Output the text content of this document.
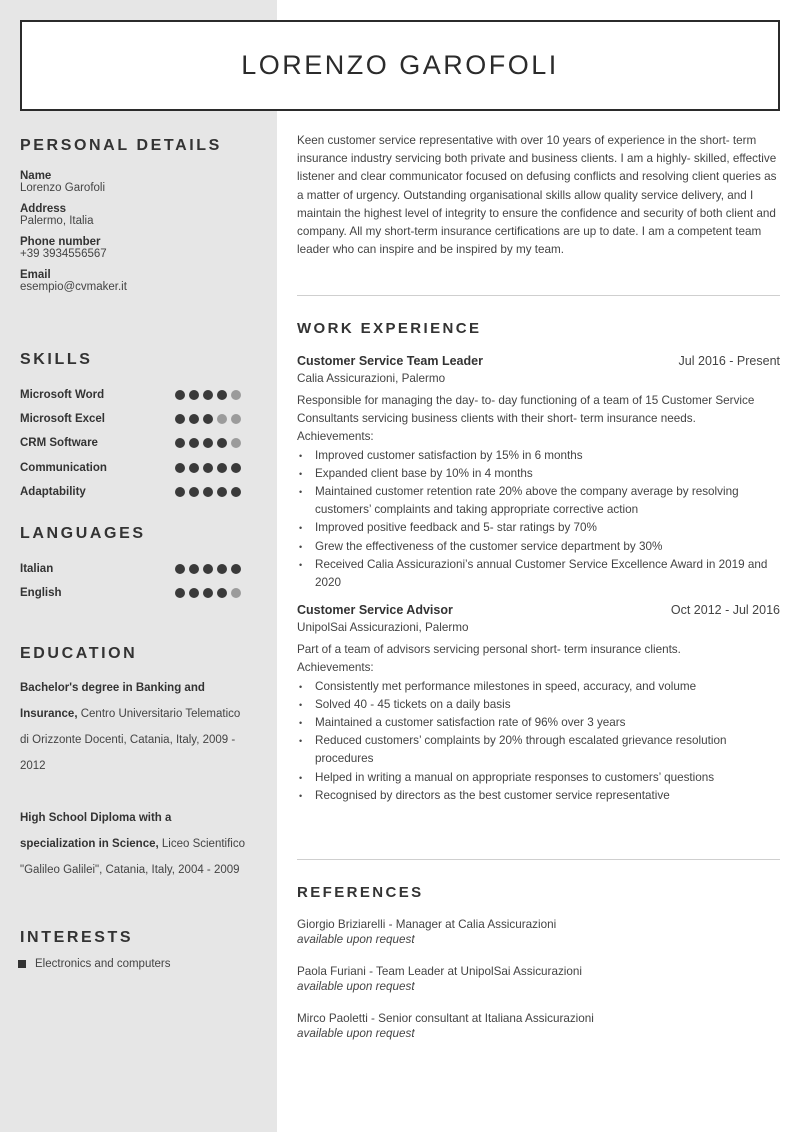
LORENZO GAROFOLI
PERSONAL DETAILS
Name
Lorenzo Garofoli
Address
Palermo, Italia
Phone number
+39 3934556567
Email
esempio@cvmaker.it
SKILLS
Microsoft Word
Microsoft Excel
CRM Software
Communication
Adaptability
LANGUAGES
Italian
English
EDUCATION
Bachelor's degree in Banking and Insurance, Centro Universitario Telematico di Orizzonte Docenti, Catania, Italy, 2009 - 2012
High School Diploma with a specialization in Science, Liceo Scientifico "Galileo Galilei", Catania, Italy, 2004 - 2009
INTERESTS
Electronics and computers
Keen customer service representative with over 10 years of experience in the short- term insurance industry servicing both private and business clients. I am a highly- skilled, effective listener and clear communicator focused on defusing conflicts and resolving client queries as a matter of urgency. Outstanding organisational skills allow quality service delivery, and I maintain the highest level of integrity to ensure the confidence and security of both client and company. All my short-term insurance certifications are up to date. I am a competent team leader who can inspire and be inspired by my team.
WORK EXPERIENCE
Customer Service Team Leader	Jul 2016 - Present
Calia Assicurazioni, Palermo
Responsible for managing the day- to- day functioning of a team of 15 Customer Service
Consultants servicing business clients with their short- term insurance needs.
Achievements:
• Improved customer satisfaction by 15% in 6 months
• Expanded client base by 10% in 4 months
• Maintained customer retention rate 20% above the company average by resolving customers’ complaints and taking appropriate corrective action
• Improved positive feedback and 5- star ratings by 70%
• Grew the effectiveness of the customer service department by 30%
• Received Calia Assicurazioni’s annual Customer Service Excellence Award in 2019 and 2020
Customer Service Advisor	Oct 2012 - Jul 2016
UnipolSai Assicurazioni, Palermo
Part of a team of advisors servicing personal short- term insurance clients.
Achievements:
• Consistently met performance milestones in speed, accuracy, and volume
• Solved 40 - 45 tickets on a daily basis
• Maintained a customer satisfaction rate of 96% over 3 years
• Reduced customers’ complaints by 20% through escalated grievance resolution procedures
• Helped in writing a manual on appropriate responses to customers’ questions
• Recognised by directors as the best customer service representative
REFERENCES
Giorgio Briziarelli - Manager at Calia Assicurazioni
available upon request
Paola Furiani - Team Leader at UnipolSai Assicurazioni
available upon request
Mirco Paoletti - Senior consultant at Italiana Assicurazioni
available upon request
